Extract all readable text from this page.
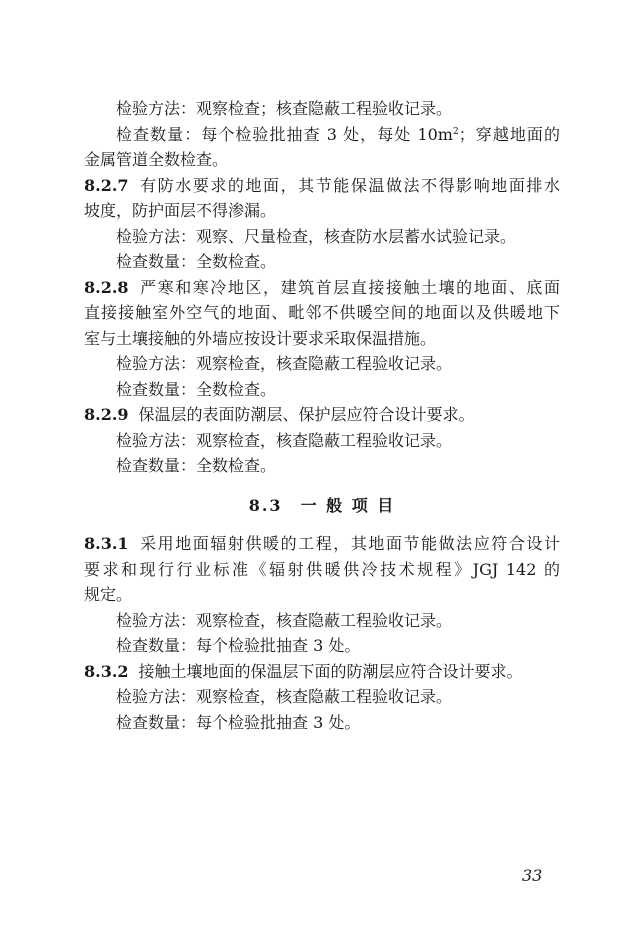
检验方法：观察检查；核查隐蔽工程验收记录。
检查数量：每个检验批抽查 3 处，每处 $10m^2$；穿越地面的
金属管道全数检查。
8.2.7 有防水要求的地面，其节能保温做法不得影响地面排水
坡度，防护面层不得渗漏。
检验方法：观察、尺量检查，核查防水层蓄水试验记录。
检查数量：全数检查。
8.2.8 严寒和寒冷地区，建筑首层直接接触土壤的地面、底面
直接接触室外空气的地面、毗邻不供暖空间的地面以及供暖地下
室与土壤接触的外墙应按设计要求采取保温措施。
检验方法：观察检查，核查隐蔽工程验收记录。
检查数量：全数检查。
8.2.9 保温层的表面防潮层、保护层应符合设计要求。
检验方法：观察检查，核查隐蔽工程验收记录。
检查数量：全数检查。
8.3 一 般 项 目
8.3.1 采用地面辐射供暖的工程，其地面节能做法应符合设计
要求和现行行业标准《辐射供暖供冷技术规程》JGJ 142 的
规定。
检验方法：观察检查，核查隐蔽工程验收记录。
检查数量：每个检验批抽查 3 处。
8.3.2 接触土壤地面的保温层下面的防潮层应符合设计要求。
检验方法：观察检查，核查隐蔽工程验收记录。
检查数量：每个检验批抽查 3 处。
33
